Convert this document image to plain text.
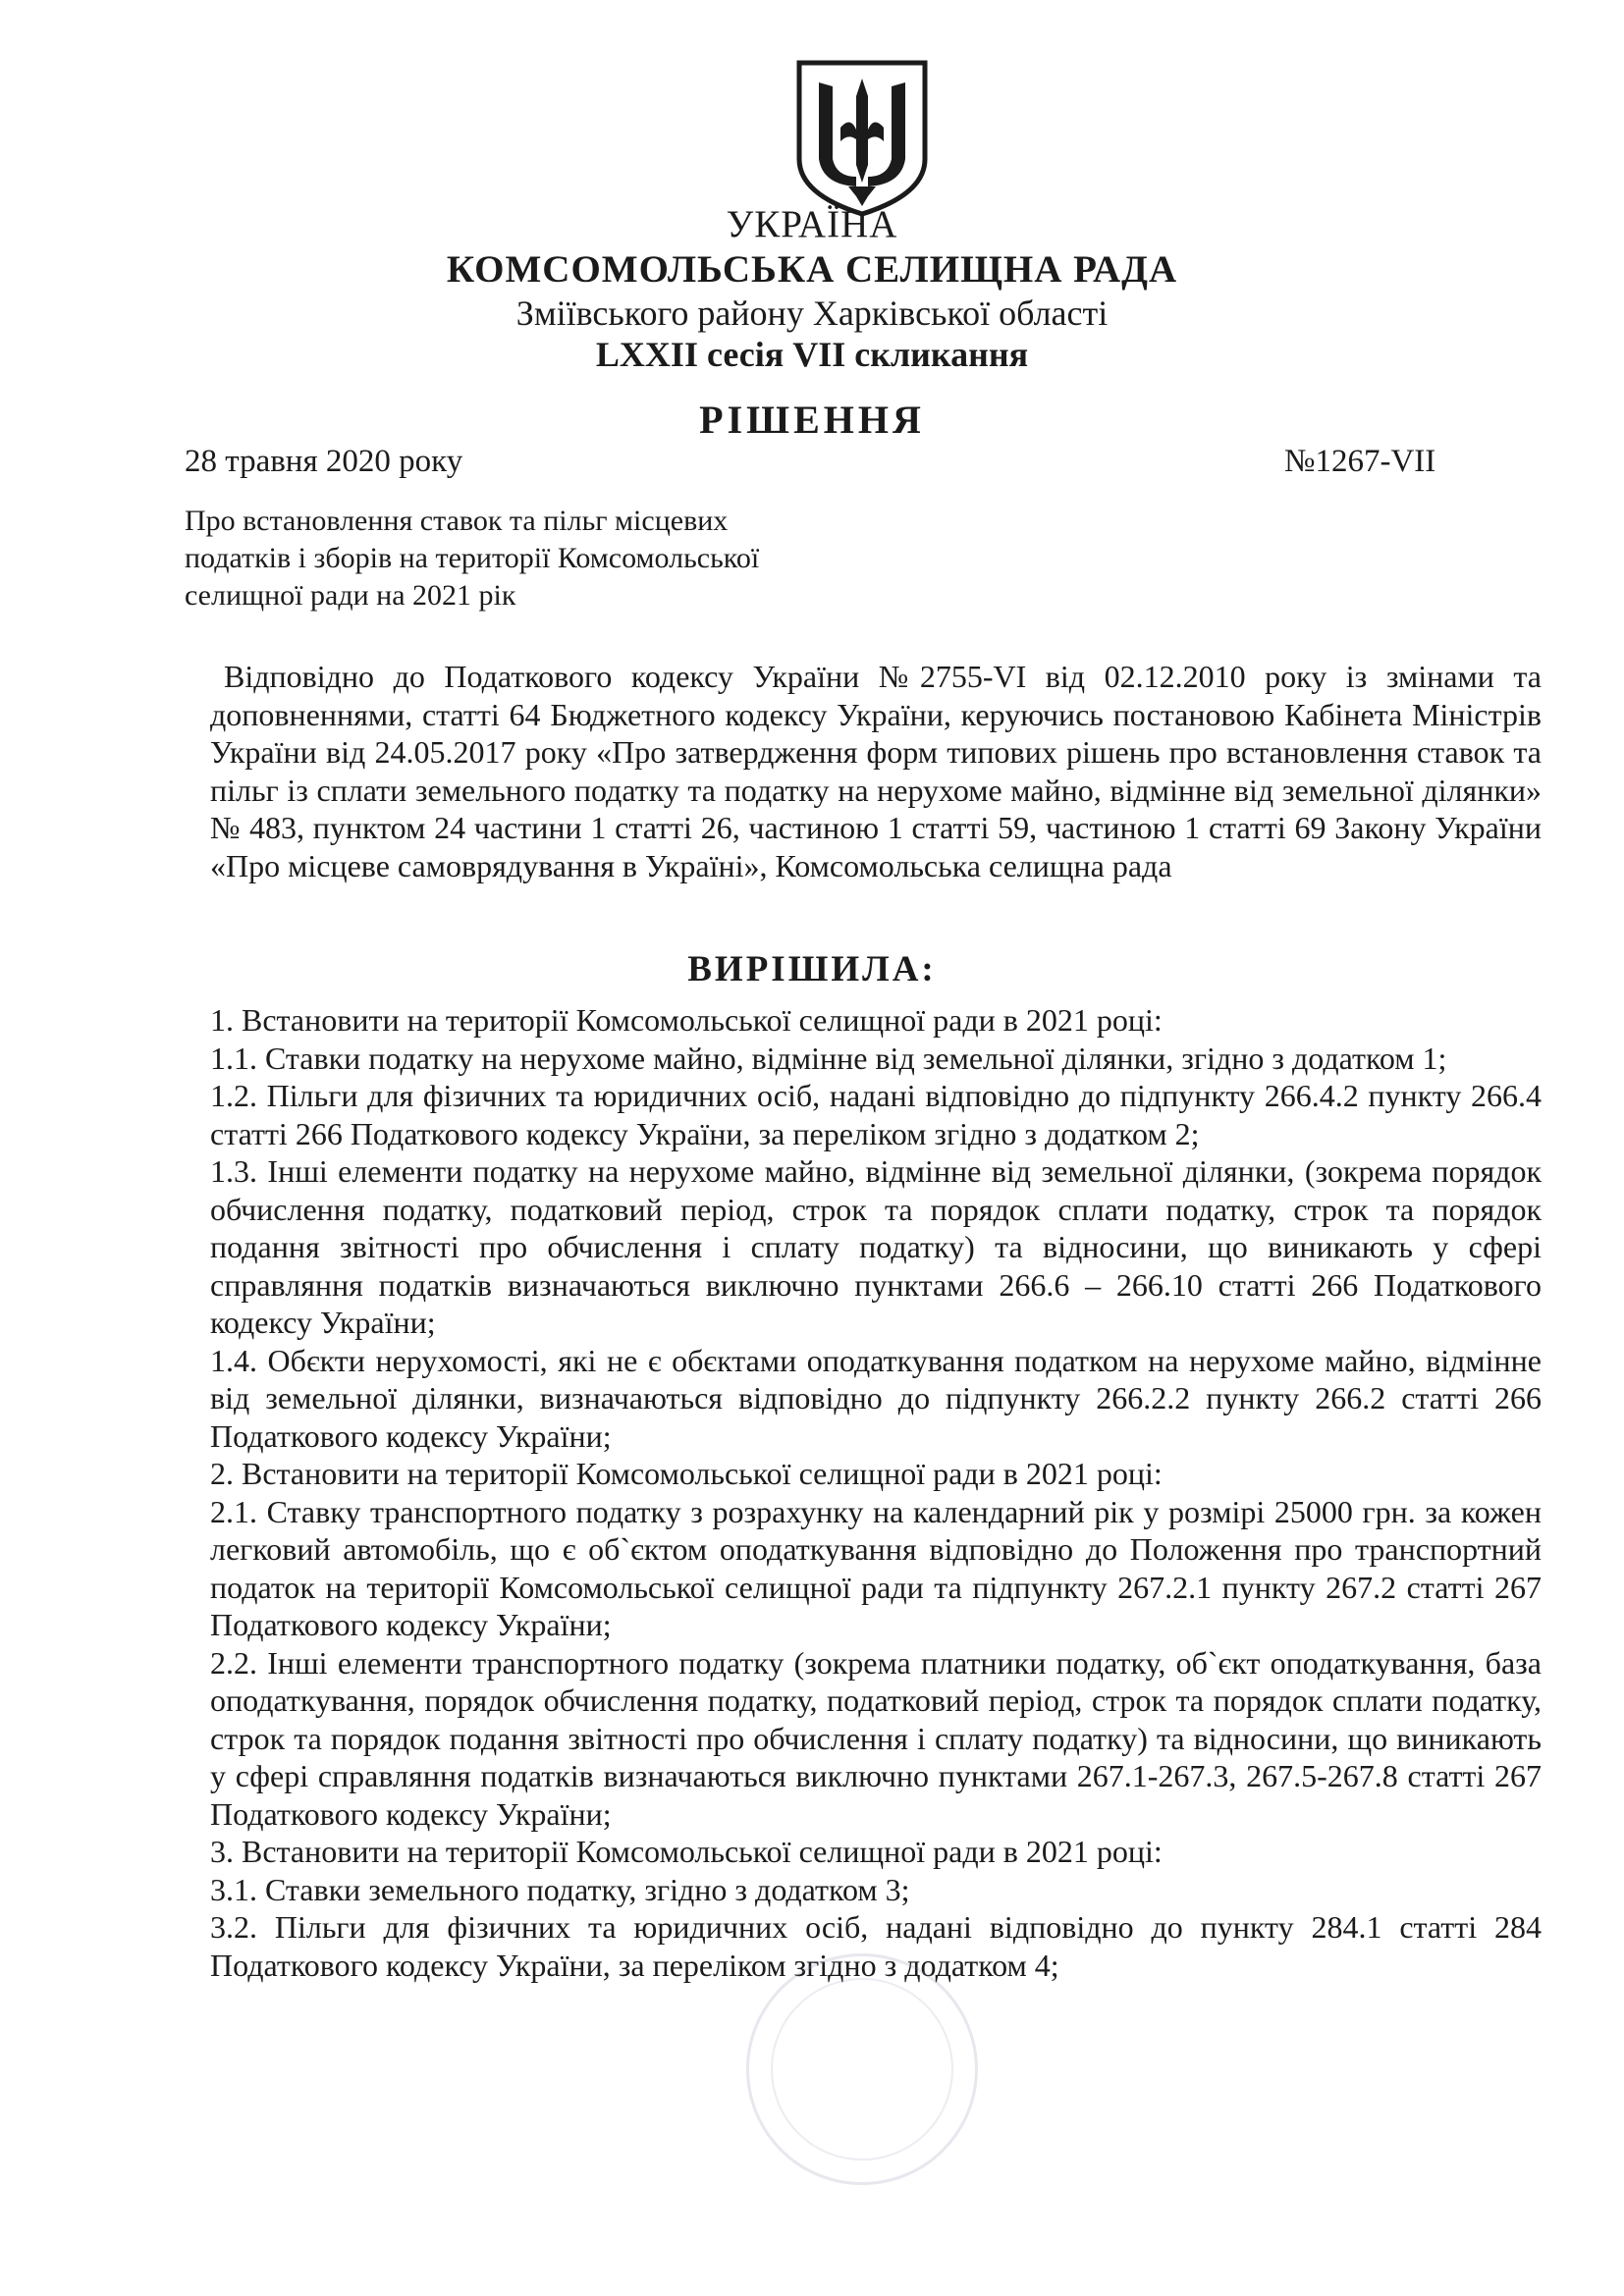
УКРАЇНА
КОМСОМОЛЬСЬКА СЕЛИЩНА РАДА
Зміївського району Харківської області
LXXII сесія VII скликання
РІШЕННЯ
28 травня 2020 року	№1267-VII
Про встановлення ставок та пільг місцевих
податків і зборів на території Комсомольської
селищної ради на 2021 рік
Відповідно до Податкового кодексу України №2755-VI від 02.12.2010 року із змінами та доповненнями, статті 64 Бюджетного кодексу України, керуючись постановою Кабінета Міністрів України від 24.05.2017 року «Про затвердження форм типових рішень про встановлення ставок та пільг із сплати земельного податку та податку на нерухоме майно, відмінне від земельної ділянки» № 483, пунктом 24 частини 1 статті 26, частиною 1 статті 59, частиною 1 статті 69 Закону України «Про місцеве самоврядування в Україні», Комсомольська селищна рада
ВИРІШИЛА:

1. Встановити на території Комсомольської селищної ради в 2021 році:

1.1. Ставки податку на нерухоме майно, відмінне від земельної ділянки, згідно з додатком 1;

1.2. Пільги для фізичних та юридичних осіб, надані відповідно до підпункту 266.4.2 пункту 266.4 статті 266 Податкового кодексу України, за переліком згідно з додатком 2;

1.3. Інші елементи податку на нерухоме майно, відмінне від земельної ділянки, (зокрема порядок обчислення податку, податковий період, строк та порядок сплати податку, строк та порядок подання звітності про обчислення і сплату податку) та відносини, що виникають у сфері справляння податків визначаються виключно пунктами 266.6 – 266.10 статті 266 Податкового кодексу України;

1.4. Обєкти нерухомості, які не є обєктами оподаткування податком на нерухоме майно, відмінне від земельної ділянки, визначаються відповідно до підпункту 266.2.2 пункту 266.2 статті 266 Податкового кодексу України;

2. Встановити на території Комсомольської селищної ради в 2021 році:

2.1. Ставку транспортного податку з розрахунку на календарний рік у розмірі 25000 грн. за кожен легковий автомобіль, що є об`єктом оподаткування відповідно до Положення про транспортний податок на території Комсомольської селищної ради та підпункту 267.2.1 пункту 267.2 статті 267 Податкового кодексу України;

2.2. Інші елементи транспортного податку (зокрема платники податку, об`єкт оподаткування, база оподаткування, порядок обчислення податку, податковий період, строк та порядок сплати податку, строк та порядок подання звітності про обчислення і сплату податку) та відносини, що виникають у сфері справляння податків визначаються виключно пунктами 267.1-267.3, 267.5-267.8 статті 267 Податкового кодексу України;

3. Встановити на території Комсомольської селищної ради в 2021 році:

3.1. Ставки земельного податку, згідно з додатком 3;

3.2. Пільги для фізичних та юридичних осіб, надані відповідно до пункту 284.1 статті 284 Податкового кодексу України, за переліком згідно з додатком 4;
